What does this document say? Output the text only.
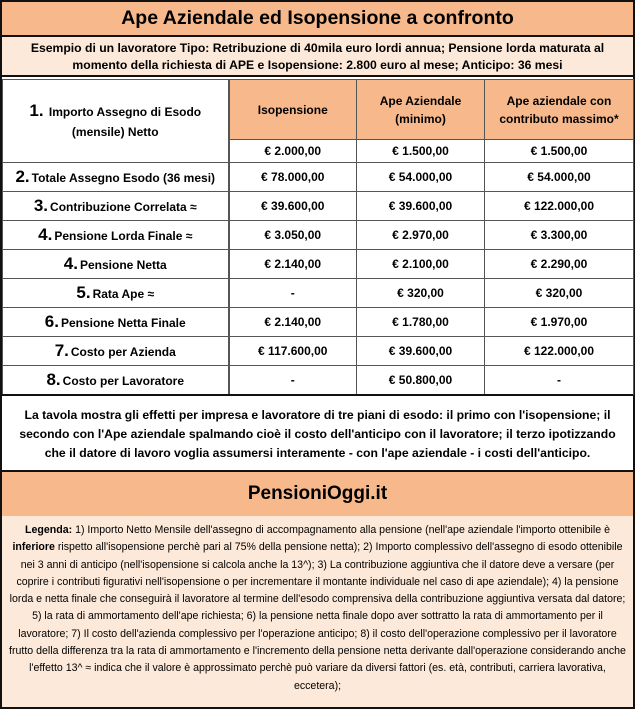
Ape Aziendale ed Isopensione a confronto
Esempio di un lavoratore Tipo: Retribuzione di 40mila euro lordi annua; Pensione lorda maturata al momento della richiesta di APE e Isopensione: 2.800 euro al mese; Anticipo: 36 mesi
1. Importo Assegno di Esodo (mensile) Netto	Isopensione	Ape Aziendale (minimo)	Ape aziendale con contributo massimo*
	€ 2.000,00	€ 1.500,00	€ 1.500,00
2. Totale Assegno Esodo (36 mesi)	€ 78.000,00	€ 54.000,00	€ 54.000,00
3. Contribuzione Correlata ≈	€ 39.600,00	€ 39.600,00	€ 122.000,00
4. Pensione Lorda Finale ≈	€ 3.050,00	€ 2.970,00	€ 3.300,00
4. Pensione Netta	€ 2.140,00	€ 2.100,00	€ 2.290,00
5. Rata Ape ≈	-	€ 320,00	€ 320,00
6. Pensione Netta Finale	€ 2.140,00	€ 1.780,00	€ 1.970,00
7. Costo per Azienda	€ 117.600,00	€ 39.600,00	€ 122.000,00
8. Costo per Lavoratore	-	€ 50.800,00	-
La tavola mostra gli effetti per impresa e lavoratore di tre piani di esodo: il primo con l'isopensione; il secondo con l'Ape aziendale spalmando cioè il costo dell'anticipo con il lavoratore; il terzo ipotizzando che il datore di lavoro voglia assumersi interamente - con l'ape aziendale - i costi dell'anticipo.
PensioniOggi.it
Legenda: 1) Importo Netto Mensile dell'assegno di accompagnamento alla pensione (nell'ape aziendale l'importo ottenibile è inferiore rispetto all'isopensione perchè pari al 75% della pensione netta); 2) Importo complessivo dell'assegno di esodo ottenibile nei 3 anni di anticipo (nell'isopensione si calcola anche la 13^); 3) La contribuzione aggiuntiva che il datore deve a versare (per coprire i contributi figurativi nell'isopensione o per incrementare il montante individuale nel caso di ape aziendale); 4) la pensione lorda e netta finale che conseguirà il lavoratore al termine dell'esodo comprensiva della contribuzione aggiuntiva versata dal datore; 5) la rata di ammortamento dell'ape richiesta; 6) la pensione netta finale dopo aver sottratto la rata di ammortamento per il lavoratore; 7) Il costo dell'azienda complessivo per l'operazione anticipo; 8) il costo dell'operazione complessivo per il lavoratore frutto della differenza tra la rata di ammortamento e l'incremento della pensione netta derivante dall'operazione considerando anche l'effetto 13^ ≈ indica che il valore è approssimato perchè può variare da diversi fattori (es. età, contributi, carriera lavorativa, eccetera);
